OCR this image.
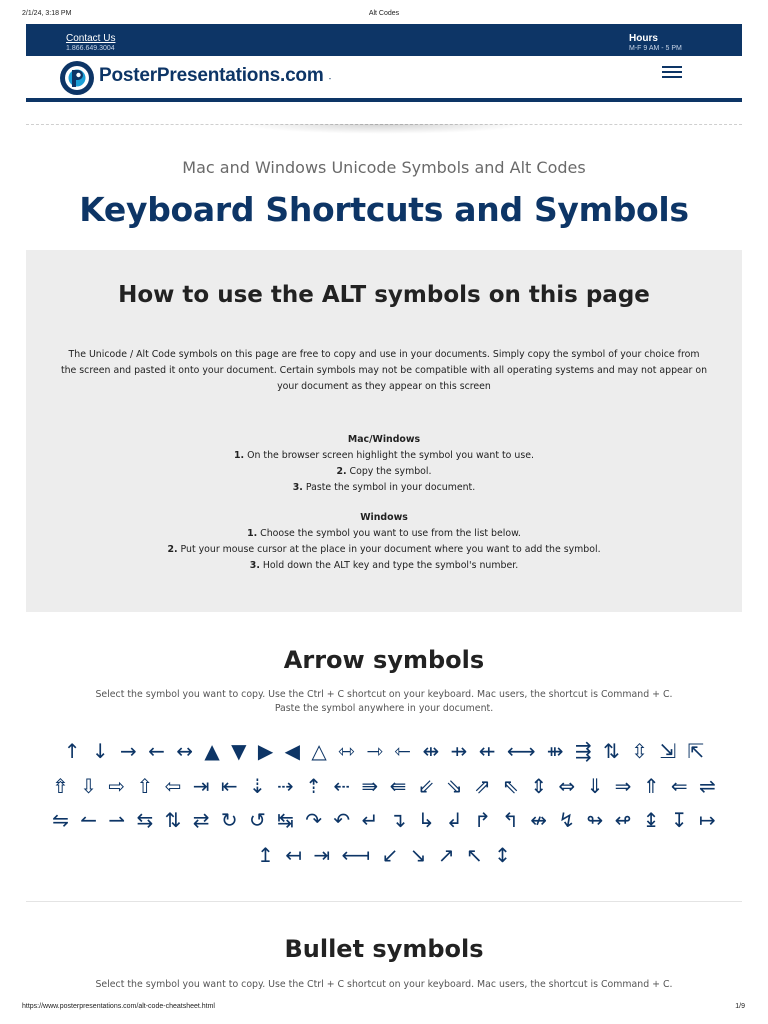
2/1/24, 3:18 PM	Alt Codes
Contact Us
1.866.649.3004
Hours
M-F 9 AM - 5 PM
PosterPresentations.com -
Mac and Windows Unicode Symbols and Alt Codes
Keyboard Shortcuts and Symbols
How to use the ALT symbols on this page
The Unicode / Alt Code symbols on this page are free to copy and use in your documents. Simply copy the symbol of your choice from
the screen and pasted it onto your document. Certain symbols may not be compatible with all operating systems and may not appear on
your document as they appear on this screen
Mac/Windows
1. On the browser screen highlight the symbol you want to use.
2. Copy the symbol.
3. Paste the symbol in your document.
Windows
1. Choose the symbol you want to use from the list below.
2. Put your mouse cursor at the place in your document where you want to add the symbol.
3. Hold down the ALT key and type the symbol's number.
Arrow symbols
Select the symbol you want to copy. Use the Ctrl + C shortcut on your keyboard. Mac users, the shortcut is Command + C.
Paste the symbol anywhere in your document.
↑ ↓ → ← ↔ ▲ ▼ ▶ ◀ △ ⇿ ⇾ ⇽ ⇹ ⇸ ⇷ ⟷ ⇻ ⇶ ⇅ ⇳ ⇲ ⇱ ⇮ ⇩ ⇨ ⇧ ⇦ ⇥ ⇤ ⇣ ⇢ ⇡ ⇠ ⇛ ⇚ ⇙ ⇘ ⇗ ⇖ ⇕ ⇔ ⇓ ⇒ ⇑ ⇐ ⇌ ⇋ ↼ ⇀ ⇆ ⇅ ⇄ ↻ ↺ ↹ ↷ ↶ ↵ ↴ ↳ ↲ ↱ ↰ ↮ ↯ ↬ ↫ ↨ ↧ ↦ ↥ ↤ ⇥ ⟻ ↙ ↘ ↗ ↖ ↕
Bullet symbols
Select the symbol you want to copy. Use the Ctrl + C shortcut on your keyboard. Mac users, the shortcut is Command + C.
https://www.posterpresentations.com/alt-code-cheatsheet.html	1/9
